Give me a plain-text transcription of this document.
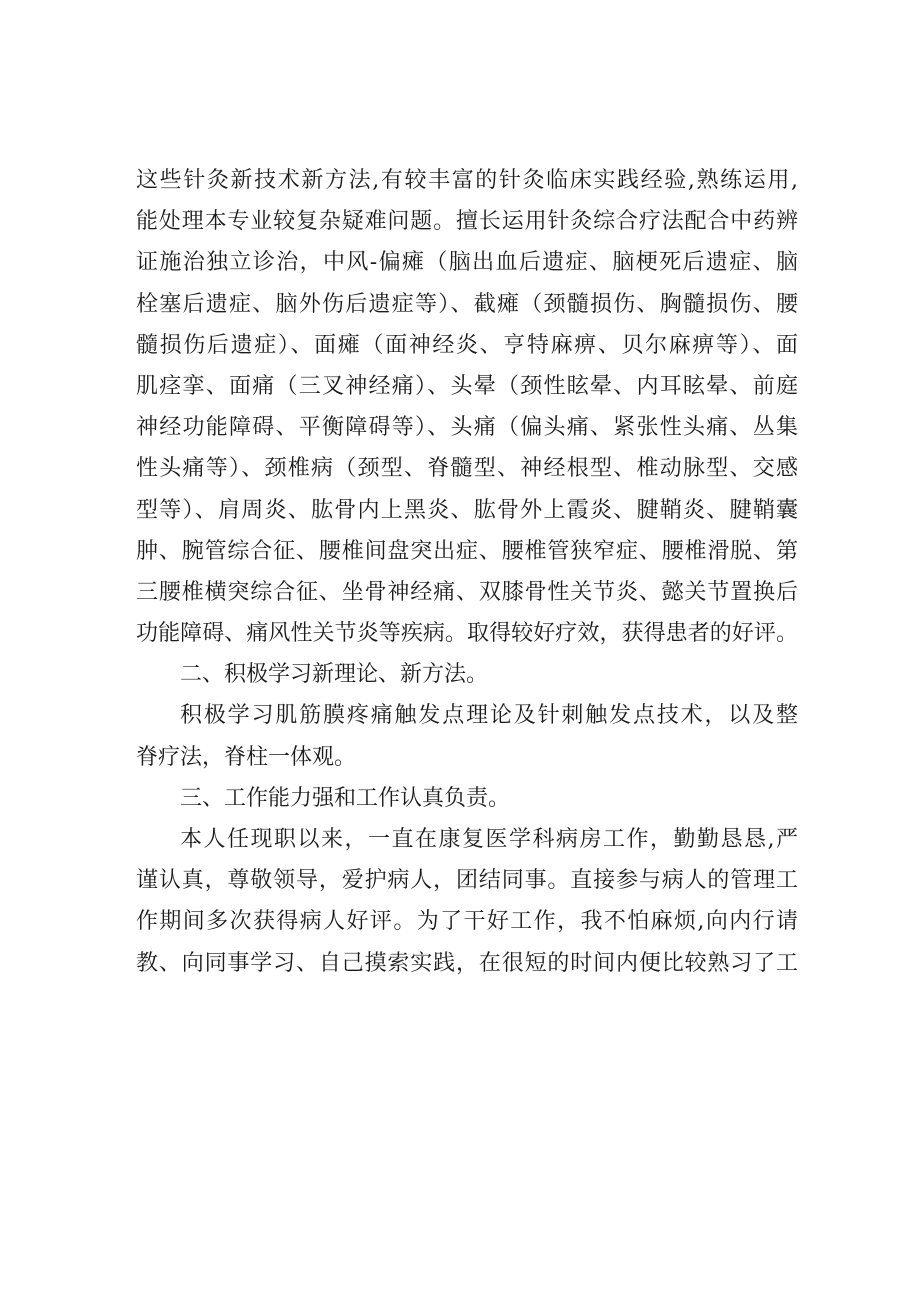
这些针灸新技术新方法,有较丰富的针灸临床实践经验,熟练运用,
能处理本专业较复杂疑难问题。擅长运用针灸综合疗法配合中药辨
证施治独立诊治，中风-偏瘫（脑出血后遗症、脑梗死后遗症、脑
栓塞后遗症、脑外伤后遗症等）、截瘫（颈髓损伤、胸髓损伤、腰
髓损伤后遗症）、面瘫（面神经炎、亨特麻痹、贝尔麻痹等）、面
肌痉挛、面痛（三叉神经痛）、头晕（颈性眩晕、内耳眩晕、前庭
神经功能障碍、平衡障碍等）、头痛（偏头痛、紧张性头痛、丛集
性头痛等）、颈椎病（颈型、脊髓型、神经根型、椎动脉型、交感
型等）、肩周炎、肱骨内上黑炎、肱骨外上霞炎、腱鞘炎、腱鞘囊
肿、腕管综合征、腰椎间盘突出症、腰椎管狭窄症、腰椎滑脱、第
三腰椎横突综合征、坐骨神经痛、双膝骨性关节炎、懿关节置换后
功能障碍、痛风性关节炎等疾病。取得较好疗效，获得患者的好评。
二、积极学习新理论、新方法。
积极学习肌筋膜疼痛触发点理论及针刺触发点技术，以及整
脊疗法，脊柱一体观。
三、工作能力强和工作认真负责。
本人任现职以来，一直在康复医学科病房工作，勤勤恳恳,严
谨认真，尊敬领导，爱护病人，团结同事。直接参与病人的管理工
作期间多次获得病人好评。为了干好工作，我不怕麻烦,向内行请
教、向同事学习、自己摸索实践，在很短的时间内便比较熟习了工
